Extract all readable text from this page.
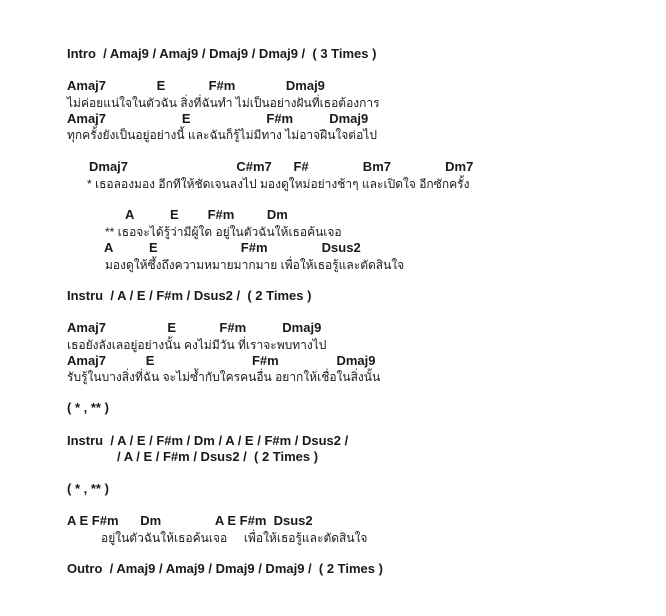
Intro  / Amaj9 / Amaj9 / Dmaj9 / Dmaj9 /  ( 3 Times )
Amaj7              E            F#m              Dmaj9
ไม่ค่อยแน่ใจในตัวฉัน สิ่งที่ฉันทำ ไม่เป็นอย่างฝันที่เธอต้องการ
Amaj7                     E                     F#m          Dmaj9
ทุกครั้งยังเป็นอยู่อย่างนี้ และฉันก็รู้ไม่มีทาง ไม่อาจฝืนใจต่อไป
Dmaj7                              C#m7      F#               Bm7               Dm7
* เธอลองมอง อีกทีให้ชัดเจนลงไป มองดูใหม่อย่างช้าๆ และเปิดใจ อีกซักครั้ง
A          E        F#m         Dm
** เธอจะได้รู้ว่ามีผู้ใด อยู่ในตัวฉันให้เธอค้นเจอ
A          E                       F#m               Dsus2
มองดูให้ซึ้งถึงความหมายมากมาย เพื่อให้เธอรู้และตัดสินใจ
Instru  / A / E / F#m / Dsus2 /  ( 2 Times )
Amaj7                 E            F#m          Dmaj9
เธอยังลังเลอยู่อย่างนั้น คงไม่มีวัน ที่เราจะพบทางไป
Amaj7           E                           F#m                Dmaj9
รับรู้ในบางสิ่งที่ฉัน จะไม่ซ้ำกับใครคนอื่น อยากให้เชื่อในสิ่งนั้น
( * , ** )
Instru  / A / E / F#m / Dm / A / E / F#m / Dsus2 /
/ A / E / F#m / Dsus2 /  ( 2 Times )
( * , ** )
A E F#m      Dm               A E F#m  Dsus2
อยู่ในตัวฉันให้เธอค้นเจอ     เพื่อให้เธอรู้และตัดสินใจ
Outro  / Amaj9 / Amaj9 / Dmaj9 / Dmaj9 /  ( 2 Times )
